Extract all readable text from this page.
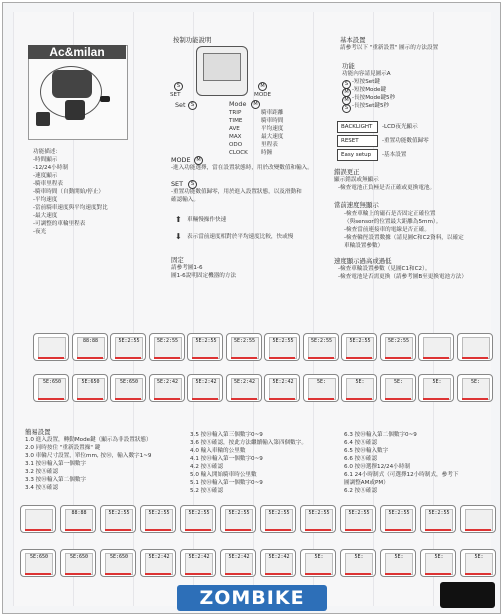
Ac&milan
按制功能說明
S
SET
M
MODE
Set	S	Mode	M
MODE	M
-進入功能選擇，當在設置狀態時，用於改變數值和輸入。
SET	S
-重置功能數值歸零，用於進入設置狀態，以及滑動和
確認輸入。
⬆ 車輛慢操作快速
⬇ 表示當前速度相對於平均速度比較，快或慢
固定
請參考圖1-6
圖1-6說明固定機器的方法
基本設置
請參考以下 "重新設置" 圖示的方法設置
功能
錯誤更正
顯示錯誤或無顯示
-檢查電池正負極是否正確或更換電池。
當前速度無顯示
速度顯示過高或過低
-檢查車輪設置參數（見圖C1和C2）。
-檢查電池是否需更換（請參考圖B至更換電池方法）
簡易設置
ZOMBIKE
功能描述：
-時間顯示
-12/24小時制
-速度顯示
-騎車里程表
-騎車時間（自動開始/停止）
-平均速度
-當前騎車速度與平均速度對比
-最大速度
-可調整的車輪里程表
-夜光
TRIP	騎車距離
TIME	騎車時間
AVE	平均速度
MAX	最大速度
ODO	里程表
CLOCK 時鐘
功能內容請見圖示A
S -短按Set鍵
M -短按Mode鍵
M -長按Mode鍵5秒
S -長按Set鍵5秒
BACKLIGHT	-LCD夜光顯示
RESET	-重置功能數值歸零
Easy setup	-基本設置
-檢查車輪上的磁石是否固定正確位置
（與sensor的位置最大距離為5mm）。
-檢查當前連接車的電線是否正確。
-檢查輪徑設置數據（請見圖C和C2資料，以確定
車輪設置參數）
1.0 進入設置，轉動Mode鍵（顯示為非設置狀態）
2.0 同時按住 "重新設置操" 鍵
3.0 車輪尺寸設置，單位mm, 按Ⓜ，輸入數字1~9
3.1 按Ⓜ輸入第一個數字
3.2 按Ⓢ確認
3.3 按Ⓜ輸入第二個數字
3.4 按Ⓢ確認
3.5 按Ⓜ輸入第三個數字0~9
3.6 按Ⓢ確認，按此方法繼續輸入第四個數字。
4.0 輸入車輪的公里數
4.1 按Ⓜ輸入第一個數字0~9
4.2 按Ⓢ確認
5.0 輸入開始騎車時公里數
5.1 按Ⓜ輸入第一個數字0~9
5.2 按Ⓢ確認
6.3 按Ⓜ輸入第二個數字0~9
6.4 按Ⓢ確認
6.5 按Ⓜ輸入數字
6.6 按Ⓢ確認
6.0 按Ⓜ選擇12/24小時制
6.1 24小時制式（可選擇12小時制式，參考下
圖調整AM或PM）
6.2 按Ⓢ確認
88:88	5E:2:55	5E:2:55	5E:2:55	5E:2:55	5E:2:55	5E:2:55	5E:2:55	5E:2:55
5E:650	5E:650	5E:650	5E:2:42	5E:2:42	5E:2:42	5E:2:42	5E:	5E:	5E:	5E:	5E:
88:88	5E:2:55	5E:2:55	5E:2:55	5E:2:55	5E:2:55	5E:2:55	5E:2:55	5E:2:55	5E:2:55
5E:650	5E:650	5E:650	5E:2:42	5E:2:42	5E:2:42	5E:2:42	5E:	5E:	5E:	5E:	5E:
